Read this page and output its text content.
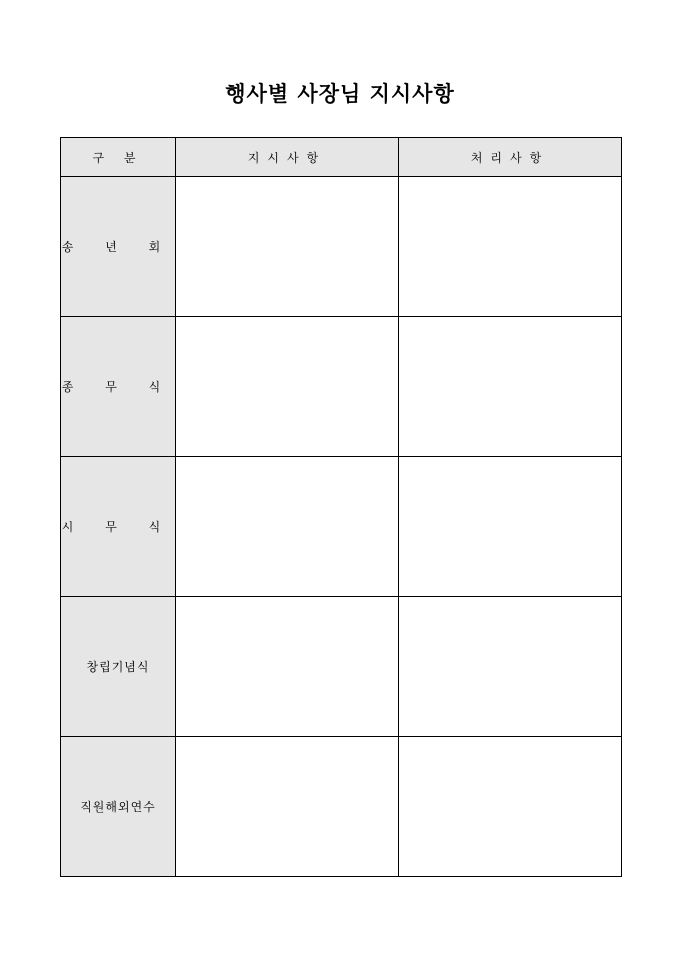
행사별 사장님 지시사항
구 분	지시사항	처리사항
송 년 회		
종 무 식		
시 무 식		
창립기념식		
직원해외연수		
